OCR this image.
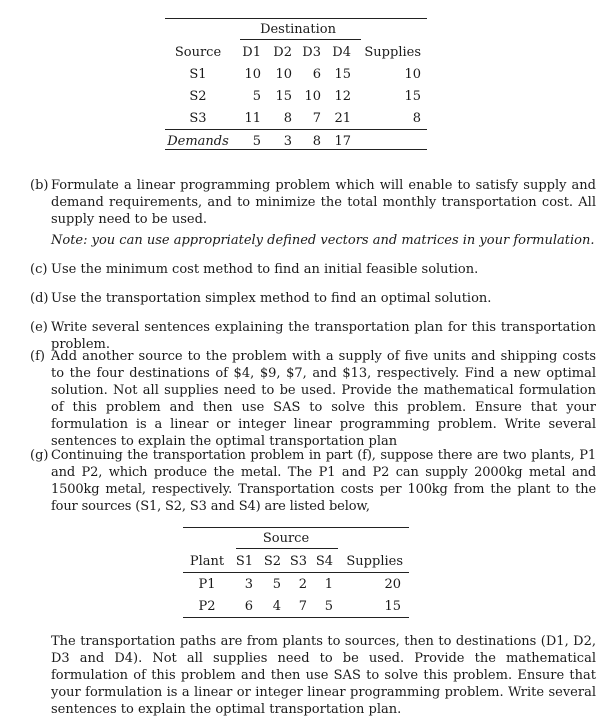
Destination
Source	D1	D2	D3	D4	Supplies
S1	10	10	6	15	10
S2	5	15	10	12	15
S3	11	8	7	21	8
Demands	5	3	8	17	
(b) Formulate a linear programming problem which will enable to satisfy supply and demand requirements, and to minimize the total monthly transportation cost. All supply need to be used.
Note: you can use appropriately defined vectors and matrices in your formulation.
(c) Use the minimum cost method to find an initial feasible solution.
(d) Use the transportation simplex method to find an optimal solution.
(e) Write several sentences explaining the transportation plan for this transportation problem.
(f) Add another source to the problem with a supply of five units and shipping costs to the four destinations of $4, $9, $7, and $13, respectively. Find a new optimal solution. Not all supplies need to be used. Provide the mathematical formulation of this problem and then use SAS to solve this problem. Ensure that your formulation is a linear or integer linear programming problem. Write several sentences to explain the optimal transportation plan
(g) Continuing the transportation problem in part (f), suppose there are two plants, P1 and P2, which produce the metal. The P1 and P2 can supply 2000kg metal and 1500kg metal, respectively. Transportation costs per 100kg from the plant to the four sources (S1, S2, S3 and S4) are listed below,
Source
Plant	S1	S2	S3	S4	Supplies
P1	3	5	2	1	20
P2	6	4	7	5	15
The transportation paths are from plants to sources, then to destinations (D1, D2, D3 and D4). Not all supplies need to be used. Provide the mathematical formulation of this problem and then use SAS to solve this problem. Ensure that your formulation is a linear or integer linear programming problem. Write several sentences to explain the optimal transportation plan.
